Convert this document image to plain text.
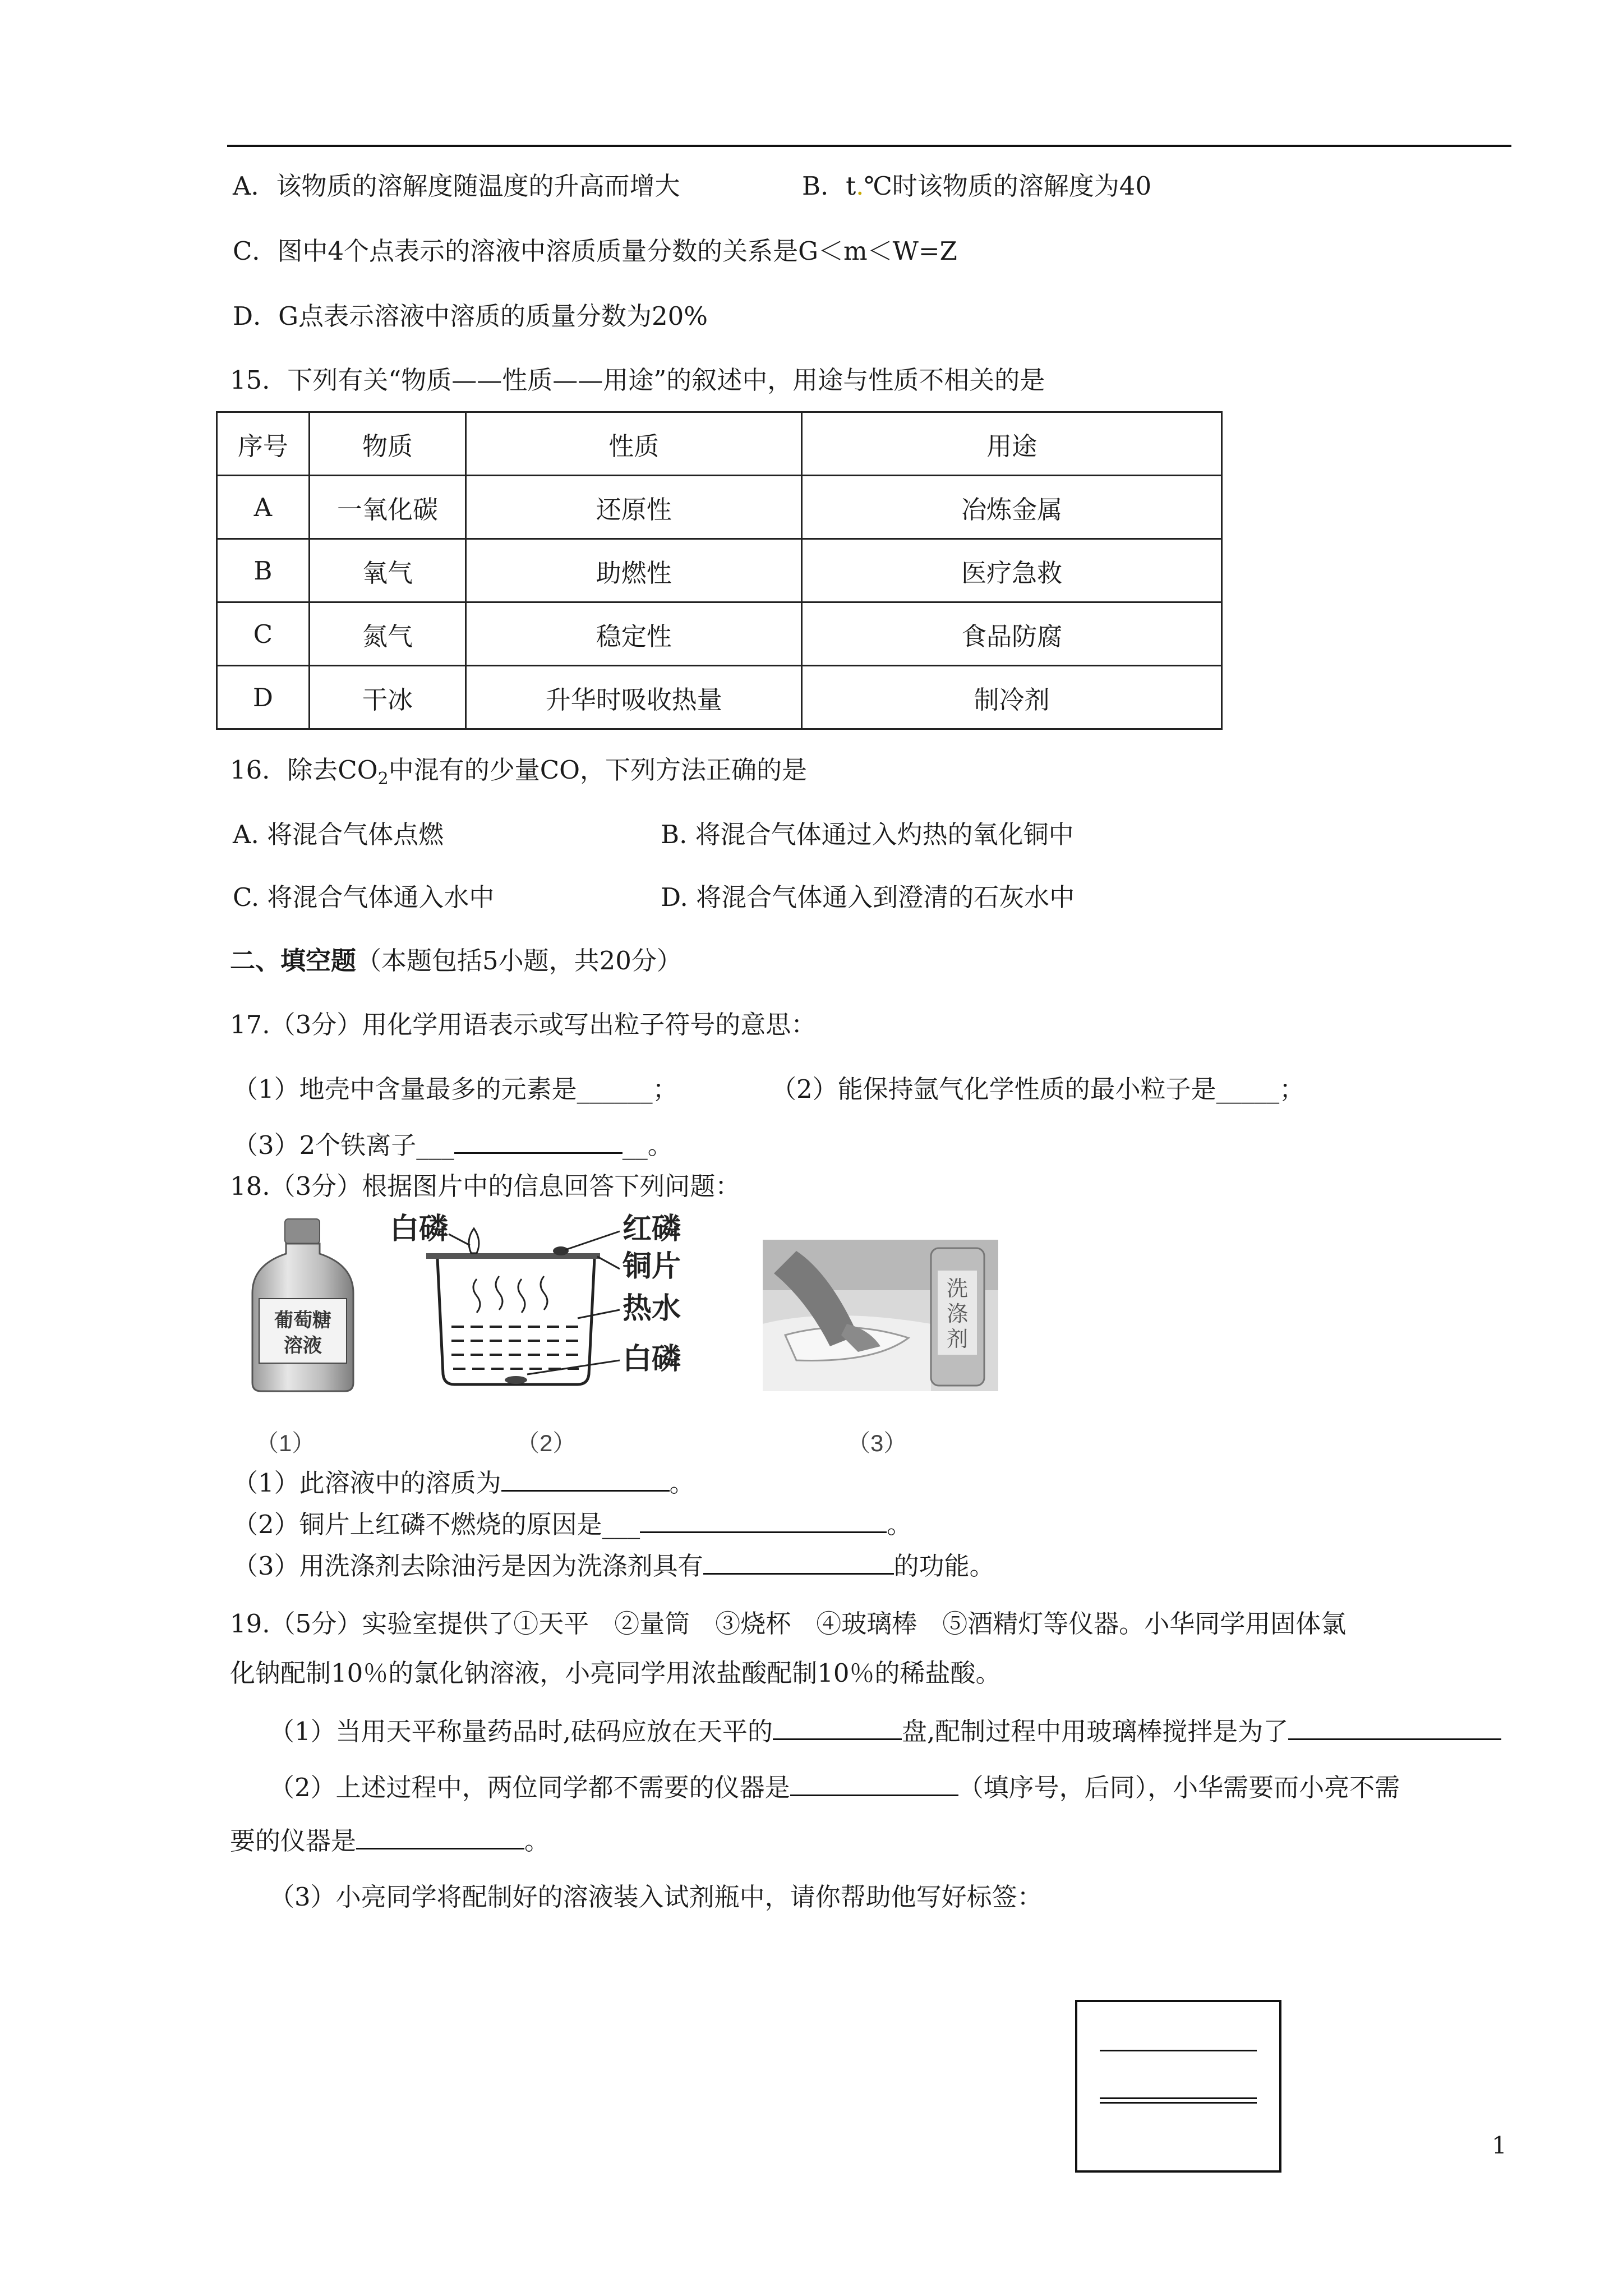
A．该物质的溶解度随温度的升高而增大	B．t.℃时该物质的溶解度为40
C．图中4个点表示的溶液中溶质质量分数的关系是G＜m＜W=Z
D．G点表示溶液中溶质的质量分数为20%
15．下列有关“物质——性质——用途”的叙述中，用途与性质不相关的是
序号	物质	性质	用途
A	一氧化碳	还原性	冶炼金属
B	氧气	助燃性	医疗急救
C	氮气	稳定性	食品防腐
D	干冰	升华时吸收热量	制冷剂
16．除去$CO_2$中混有的少量CO，下列方法正确的是
A. 将混合气体点燃	B. 将混合气体通过入灼热的氧化铜中
C. 将混合气体通入水中	D. 将混合气体通入到澄清的石灰水中
二、填空题（本题包括5小题，共20分）
17.（3分）用化学用语表示或写出粒子符号的意思：
（1）地壳中含量最多的元素是______；	（2）能保持氩气化学性质的最小粒子是_____；
（3）2个铁离子___	__。
18.（3分）根据图片中的信息回答下列问题：
葡萄糖
溶液
白磷	红磷
铜片
热水
白磷
洗
涤
剂
（1）	（2）	（3）
（1）此溶液中的溶质为	。
（2）铜片上红磷不燃烧的原因是___	。
（3）用洗涤剂去除油污是因为洗涤剂具有	的功能。
19.（5分）实验室提供了①天平　②量筒　③烧杯　④玻璃棒　⑤酒精灯等仪器。小华同学用固体氯
化钠配制10％的氯化钠溶液，小亮同学用浓盐酸配制10％的稀盐酸。
（1）当用天平称量药品时,砝码应放在天平的	盘,配制过程中用玻璃棒搅拌是为了
（2）上述过程中，两位同学都不需要的仪器是	（填序号，后同），小华需要而小亮不需
要的仪器是	。
（3）小亮同学将配制好的溶液装入试剂瓶中，请你帮助他写好标签：
1
